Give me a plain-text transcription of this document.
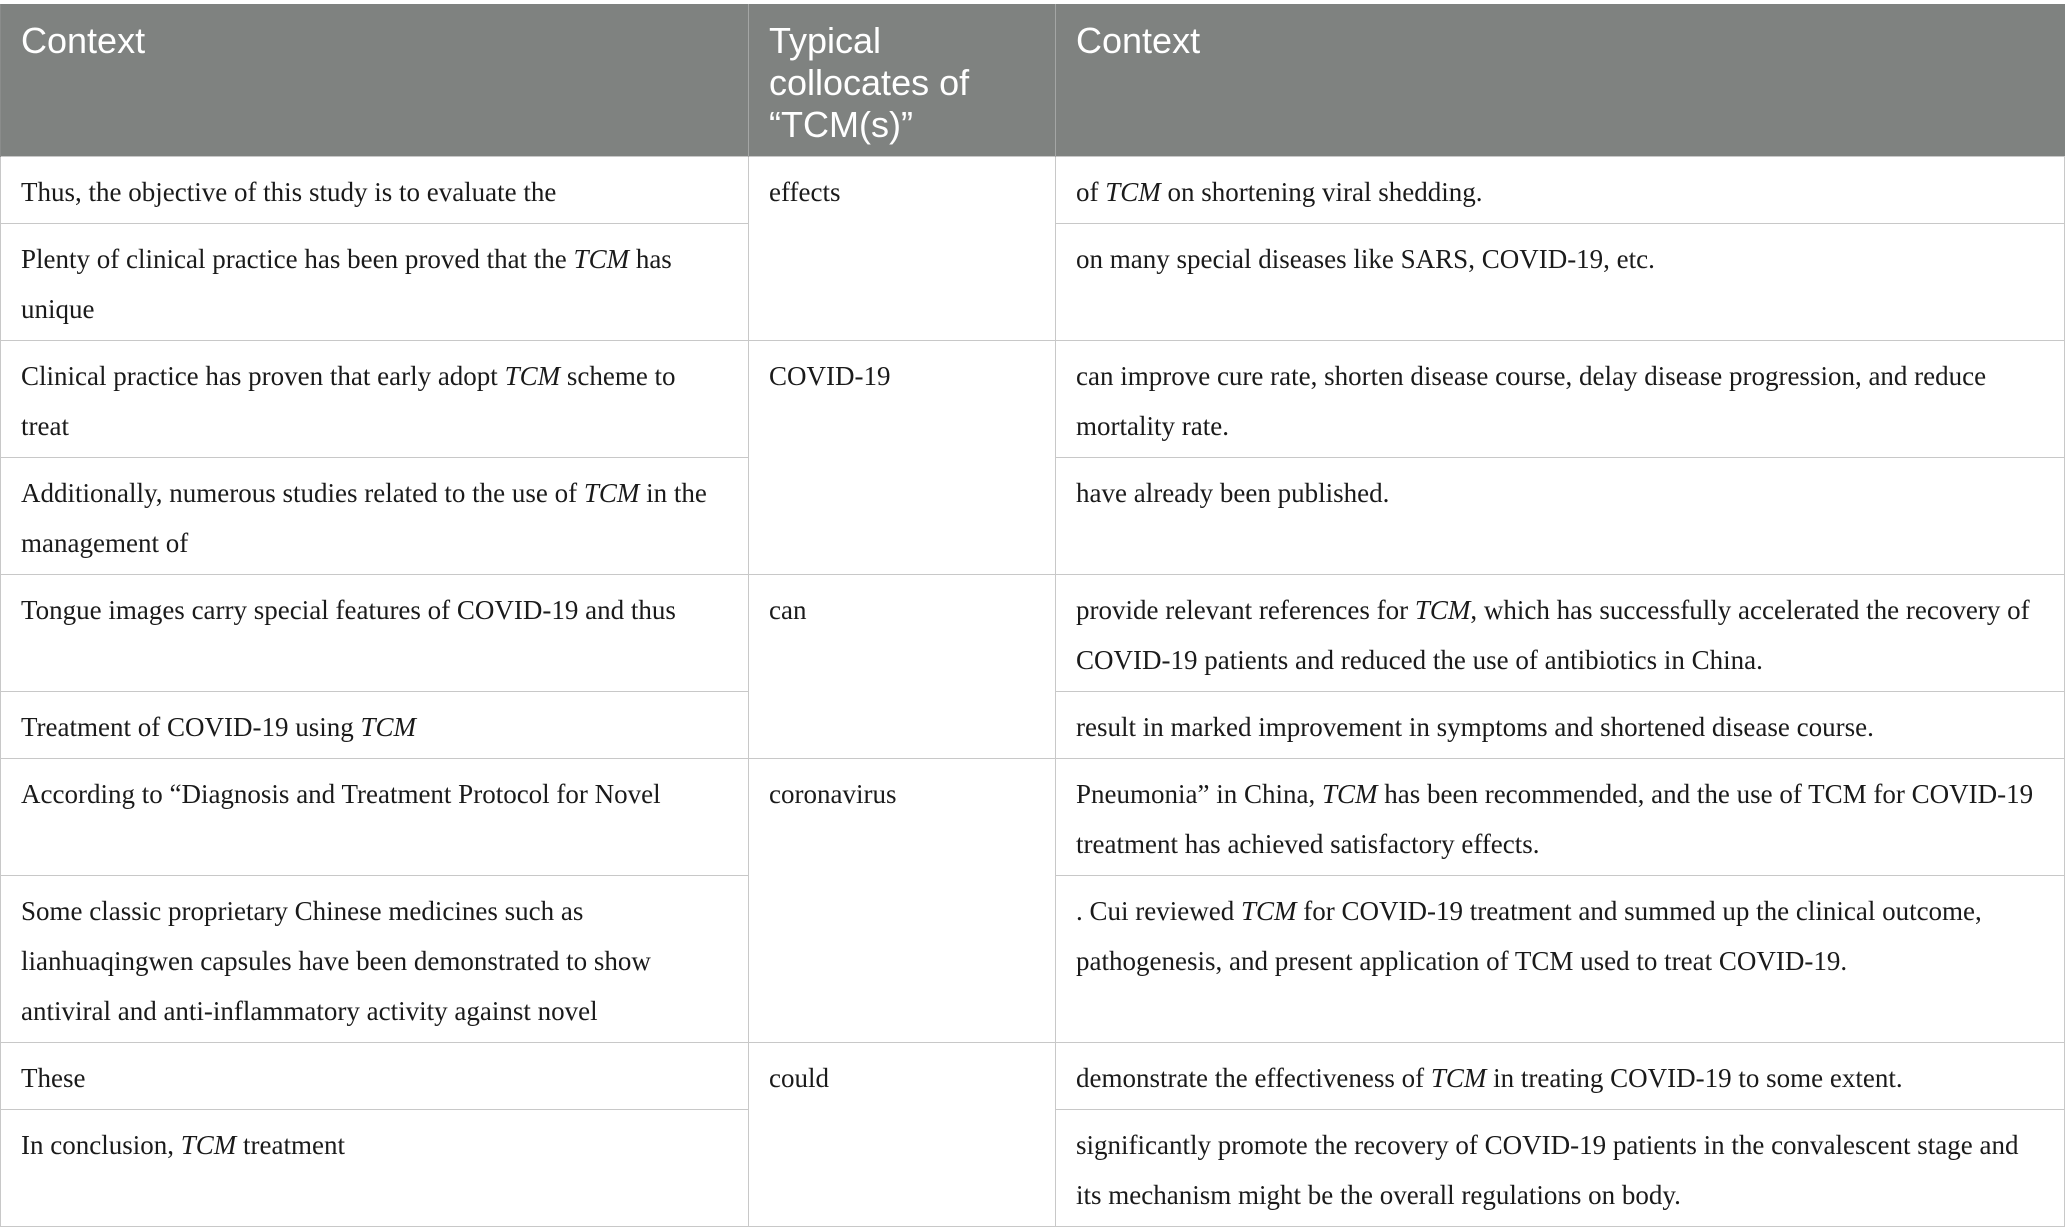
Context	Typical collocates of “TCM(s)”	Context
Thus, the objective of this study is to evaluate the	effects	of TCM on shortening viral shedding.
Plenty of clinical practice has been proved that the TCM has unique		on many special diseases like SARS, COVID-19, etc.
Clinical practice has proven that early adopt TCM scheme to treat	COVID-19	can improve cure rate, shorten disease course, delay disease progression, and reduce mortality rate.
Additionally, numerous studies related to the use of TCM in the management of		have already been published.
Tongue images carry special features of COVID-19 and thus	can	provide relevant references for TCM, which has successfully accelerated the recovery of COVID-19 patients and reduced the use of antibiotics in China.
Treatment of COVID-19 using TCM		result in marked improvement in symptoms and shortened disease course.
According to “Diagnosis and Treatment Protocol for Novel	coronavirus	Pneumonia” in China, TCM has been recommended, and the use of TCM for COVID-19 treatment has achieved satisfactory effects.
Some classic proprietary Chinese medicines such as lianhuaqingwen capsules have been demonstrated to show antiviral and anti-inflammatory activity against novel		. Cui reviewed TCM for COVID-19 treatment and summed up the clinical outcome, pathogenesis, and present application of TCM used to treat COVID-19.
These	could	demonstrate the effectiveness of TCM in treating COVID-19 to some extent.
In conclusion, TCM treatment		significantly promote the recovery of COVID-19 patients in the convalescent stage and its mechanism might be the overall regulations on body.
